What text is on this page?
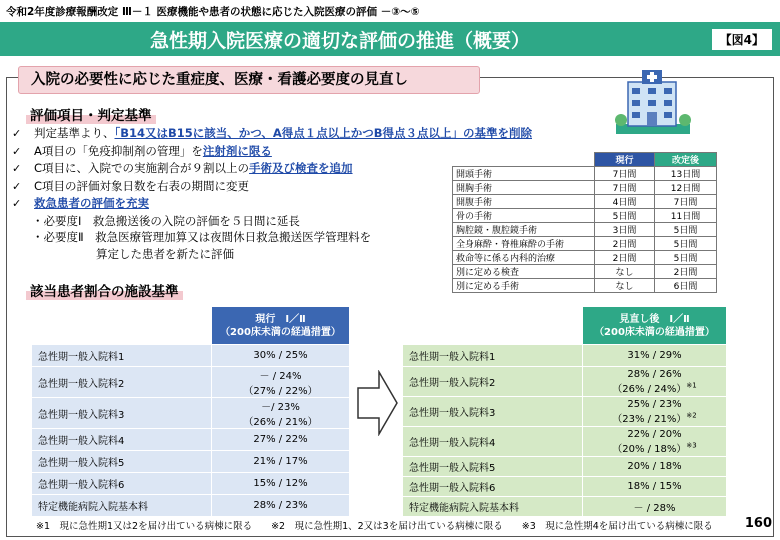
令和2年度診療報酬改定 Ⅲ－１ 医療機能や患者の状態に応じた入院医療の評価 －③～⑤
急性期入院医療の適切な評価の推進（概要）	【図4】
入院の必要性に応じた重症度、医療・看護必要度の見直し
評価項目・判定基準
✓ 判定基準より、「B14又はB15に該当、かつ、A得点１点以上かつB得点３点以上」の基準を削除
✓ A項目の「免疫抑制剤の管理」を注射剤に限る
✓ C項目に、入院での実施割合が９割以上の手術及び検査を追加
✓ C項目の評価対象日数を右表の期間に変更
✓ 救急患者の評価を充実
・必要度Ⅰ　救急搬送後の入院の評価を５日間に延長
・必要度Ⅱ　救急医療管理加算又は夜間休日救急搬送医学管理料を
算定した患者を新たに評価
	現行	改定後
開頭手術	7日間	13日間
開胸手術	7日間	12日間
開腹手術	4日間	7日間
骨の手術	5日間	11日間
胸腔鏡・腹腔鏡手術	3日間	5日間
全身麻酔・脊椎麻酔の手術	2日間	5日間
救命等に係る内科的治療	2日間	5日間
別に定める検査	なし	2日間
別に定める手術	なし	6日間
該当患者割合の施設基準
	現行　Ⅰ／Ⅱ
（200床未満の経過措置）
急性期一般入院料1	30% / 25%
急性期一般入院料2	－ / 24%
（27% / 22%）
急性期一般入院料3	－/ 23%
（26% / 21%）
急性期一般入院料4	27% / 22%
急性期一般入院料5	21% / 17%
急性期一般入院料6	15% / 12%
特定機能病院入院基本料	28% / 23%
	見直し後　Ⅰ／Ⅱ
（200床未満の経過措置）
急性期一般入院料1	31% / 29%
急性期一般入院料2	28% / 26%
（26% / 24%）$^{※1}$
急性期一般入院料3	25% / 23%
（23% / 21%）$^{※2}$
急性期一般入院料4	22% / 20%
（20% / 18%）$^{※3}$
急性期一般入院料5	20% / 18%
急性期一般入院料6	18% / 15%
特定機能病院入院基本料	－ / 28%
※1　現に急性期1又は2を届け出ている病棟に限る　　※2　現に急性期1、2又は3を届け出ている病棟に限る　　※3　現に急性期4を届け出ている病棟に限る 160
